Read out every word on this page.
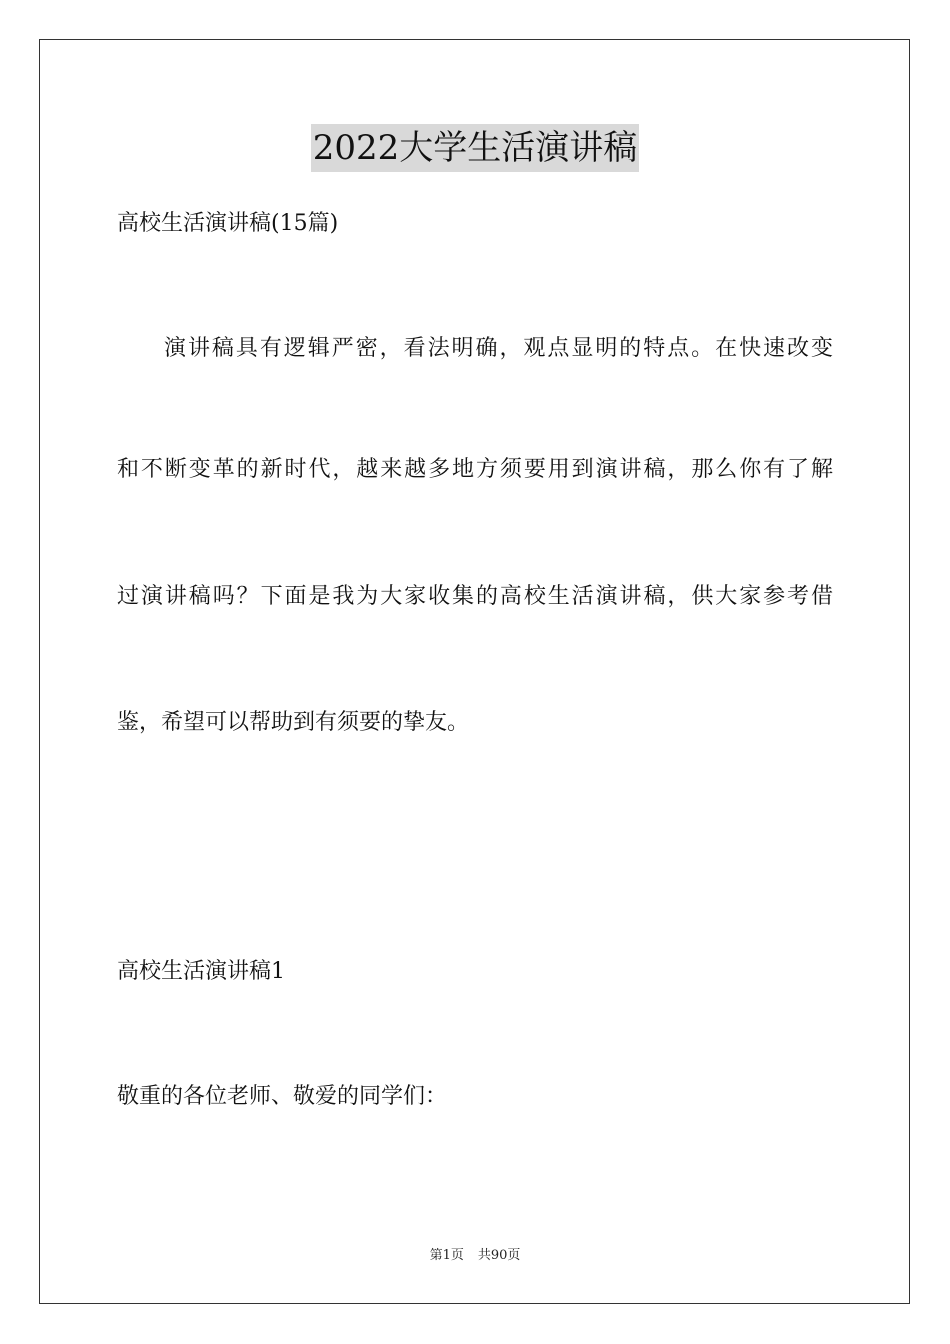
2022大学生活演讲稿
高校生活演讲稿(15篇)
演讲稿具有逻辑严密，看法明确，观点显明的特点。在快速改变
和不断变革的新时代，越来越多地方须要用到演讲稿，那么你有了解
过演讲稿吗？下面是我为大家收集的高校生活演讲稿，供大家参考借
鉴，希望可以帮助到有须要的挚友。
高校生活演讲稿1
敬重的各位老师、敬爱的同学们：
第1页 共90页
